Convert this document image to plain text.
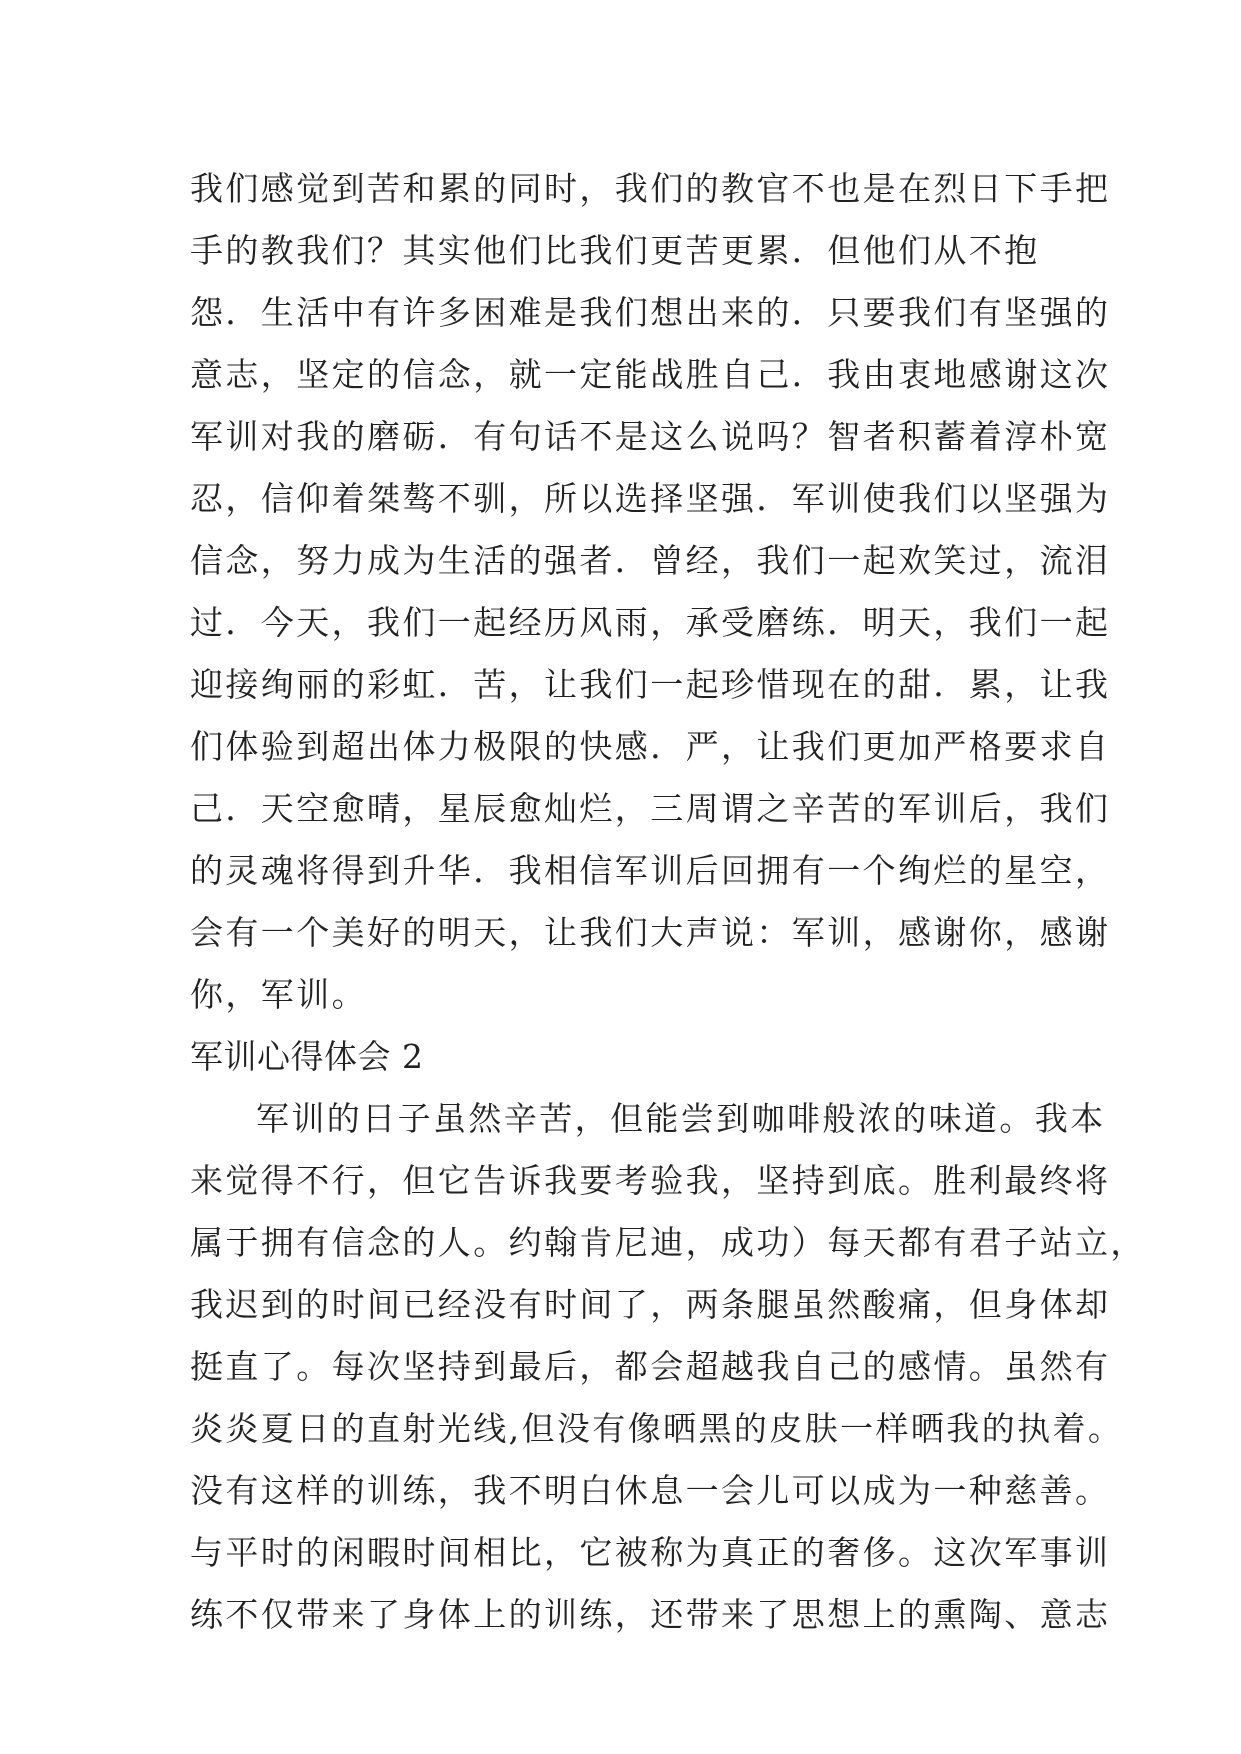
我们感觉到苦和累的同时，我们的教官不也是在烈日下手把
手的教我们？其实他们比我们更苦更累．但他们从不抱
怨．生活中有许多困难是我们想出来的．只要我们有坚强的
意志，坚定的信念，就一定能战胜自己．我由衷地感谢这次
军训对我的磨砺．有句话不是这么说吗？智者积蓄着淳朴宽
忍，信仰着桀骜不驯，所以选择坚强．军训使我们以坚强为
信念，努力成为生活的强者．曾经，我们一起欢笑过，流泪
过．今天，我们一起经历风雨，承受磨练．明天，我们一起
迎接绚丽的彩虹．苦，让我们一起珍惜现在的甜．累，让我
们体验到超出体力极限的快感．严，让我们更加严格要求自
己．天空愈晴，星辰愈灿烂，三周谓之辛苦的军训后，我们
的灵魂将得到升华．我相信军训后回拥有一个绚烂的星空，
会有一个美好的明天，让我们大声说：军训，感谢你，感谢
你，军训。
军训心得体会 2
军训的日子虽然辛苦，但能尝到咖啡般浓的味道。我本
来觉得不行，但它告诉我要考验我，坚持到底。胜利最终将
属于拥有信念的人。约翰肯尼迪，成功）每天都有君子站立，
我迟到的时间已经没有时间了，两条腿虽然酸痛，但身体却
挺直了。每次坚持到最后，都会超越我自己的感情。虽然有
炎炎夏日的直射光线,但没有像晒黑的皮肤一样晒我的执着。
没有这样的训练，我不明白休息一会儿可以成为一种慈善。
与平时的闲暇时间相比，它被称为真正的奢侈。这次军事训
练不仅带来了身体上的训练，还带来了思想上的熏陶、意志
